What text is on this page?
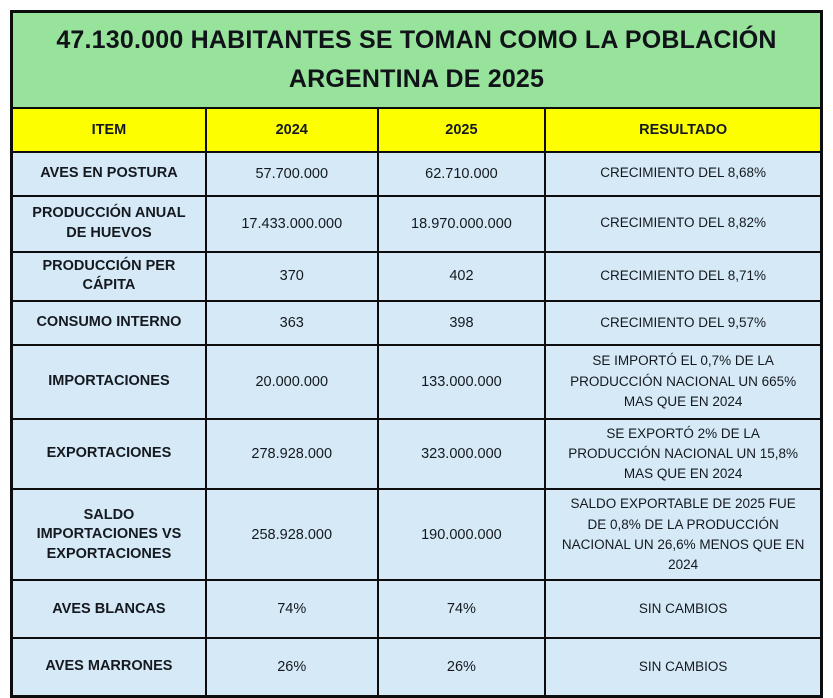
47.130.000 HABITANTES SE TOMAN COMO LA POBLACIÓN ARGENTINA DE 2025			
ITEM	2024	2025	RESULTADO
AVES EN POSTURA	57.700.000	62.710.000	CRECIMIENTO DEL 8,68%
PRODUCCIÓN ANUAL DE HUEVOS	17.433.000.000	18.970.000.000	CRECIMIENTO DEL 8,82%
PRODUCCIÓN PER CÁPITA	370	402	CRECIMIENTO DEL 8,71%
CONSUMO INTERNO	363	398	CRECIMIENTO DEL 9,57%
IMPORTACIONES	20.000.000	133.000.000	SE IMPORTÓ EL 0,7% DE LA PRODUCCIÓN NACIONAL UN 665% MAS QUE EN 2024
EXPORTACIONES	278.928.000	323.000.000	SE EXPORTÓ 2% DE LA PRODUCCIÓN NACIONAL UN 15,8% MAS QUE EN 2024
SALDO IMPORTACIONES VS EXPORTACIONES	258.928.000	190.000.000	SALDO EXPORTABLE DE 2025 FUE DE 0,8% DE LA PRODUCCIÓN NACIONAL UN 26,6% MENOS QUE EN 2024
AVES BLANCAS	74%	74%	SIN CAMBIOS
AVES MARRONES	26%	26%	SIN CAMBIOS
